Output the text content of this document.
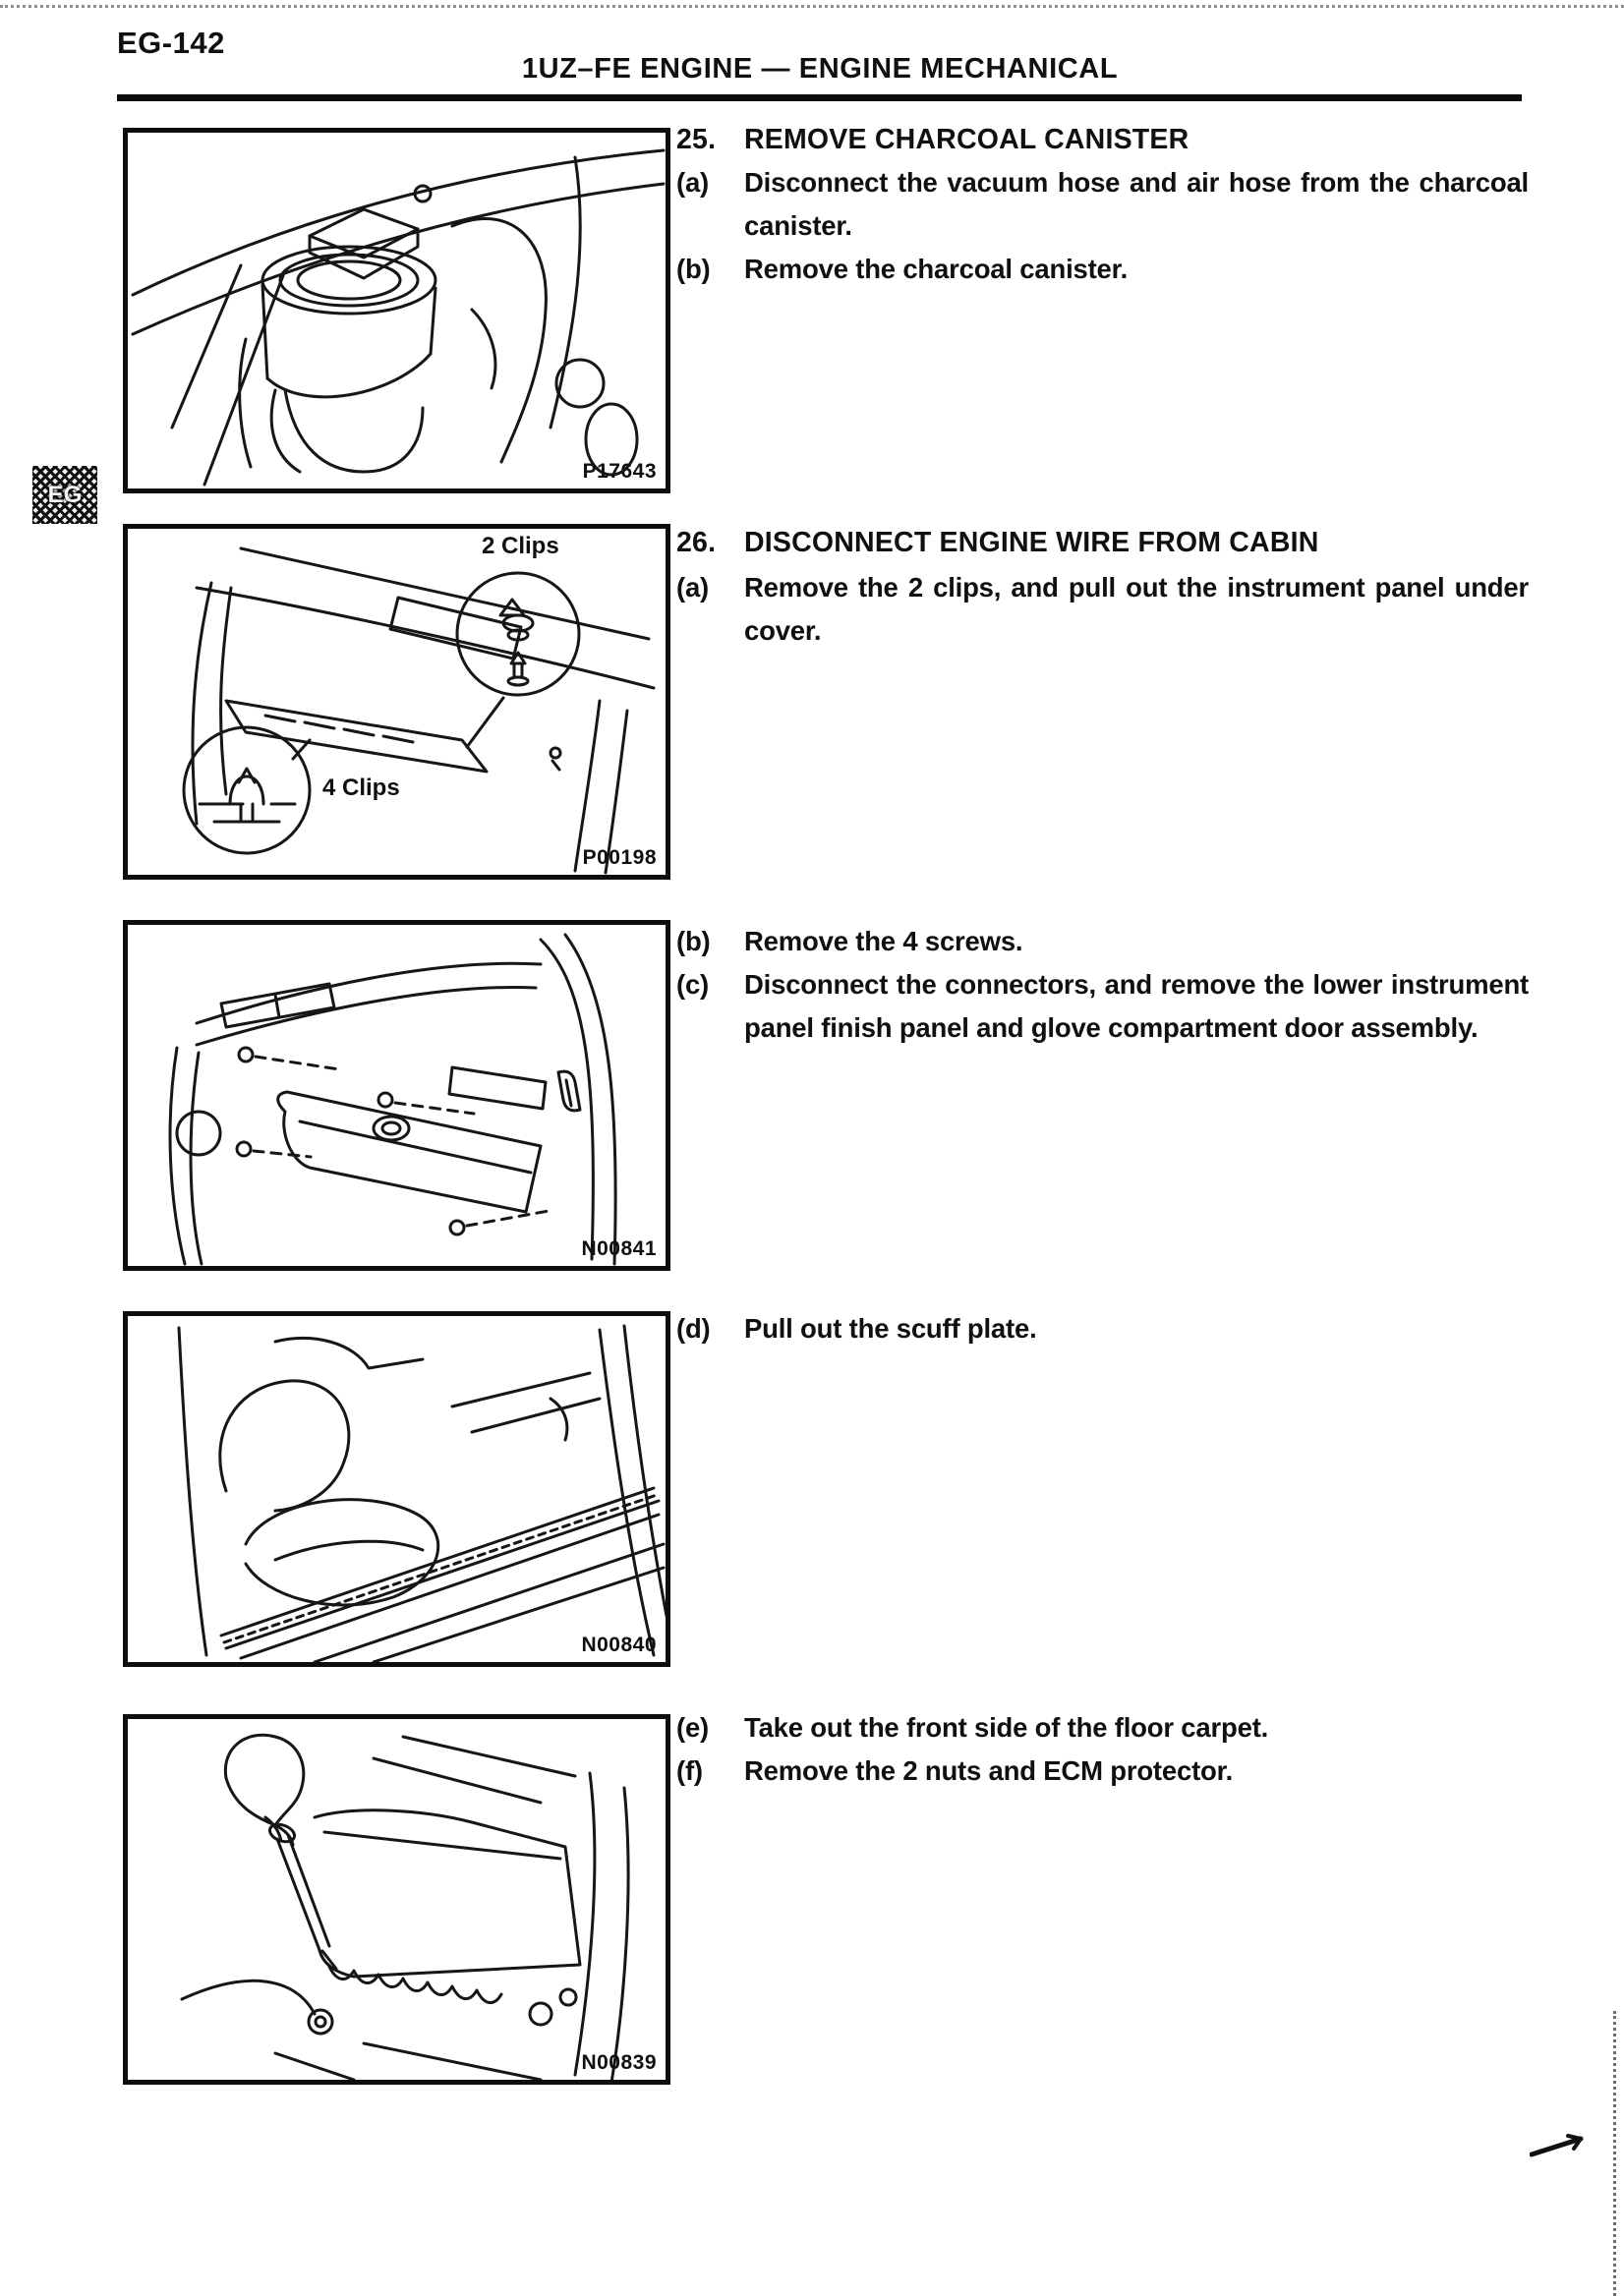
EG-142
1UZ–FE ENGINE — ENGINE MECHANICAL
EG
P17643
2 Clips
4 Clips
P00198
N00841
N00840
N00839
25.	REMOVE CHARCOAL CANISTER
(a)	Disconnect the vacuum hose and air hose from the charcoal canister.
(b)	Remove the charcoal canister.
26.	DISCONNECT ENGINE WIRE FROM CABIN
(a)	Remove the 2 clips, and pull out the instrument panel under cover.
(b)	Remove the 4 screws.
(c)	Disconnect the connectors, and remove the lower instrument panel finish panel and glove compartment door assembly.
(d)	Pull out the scuff plate.
(e)	Take out the front side of the floor carpet.
(f)	Remove the 2 nuts and ECM protector.
